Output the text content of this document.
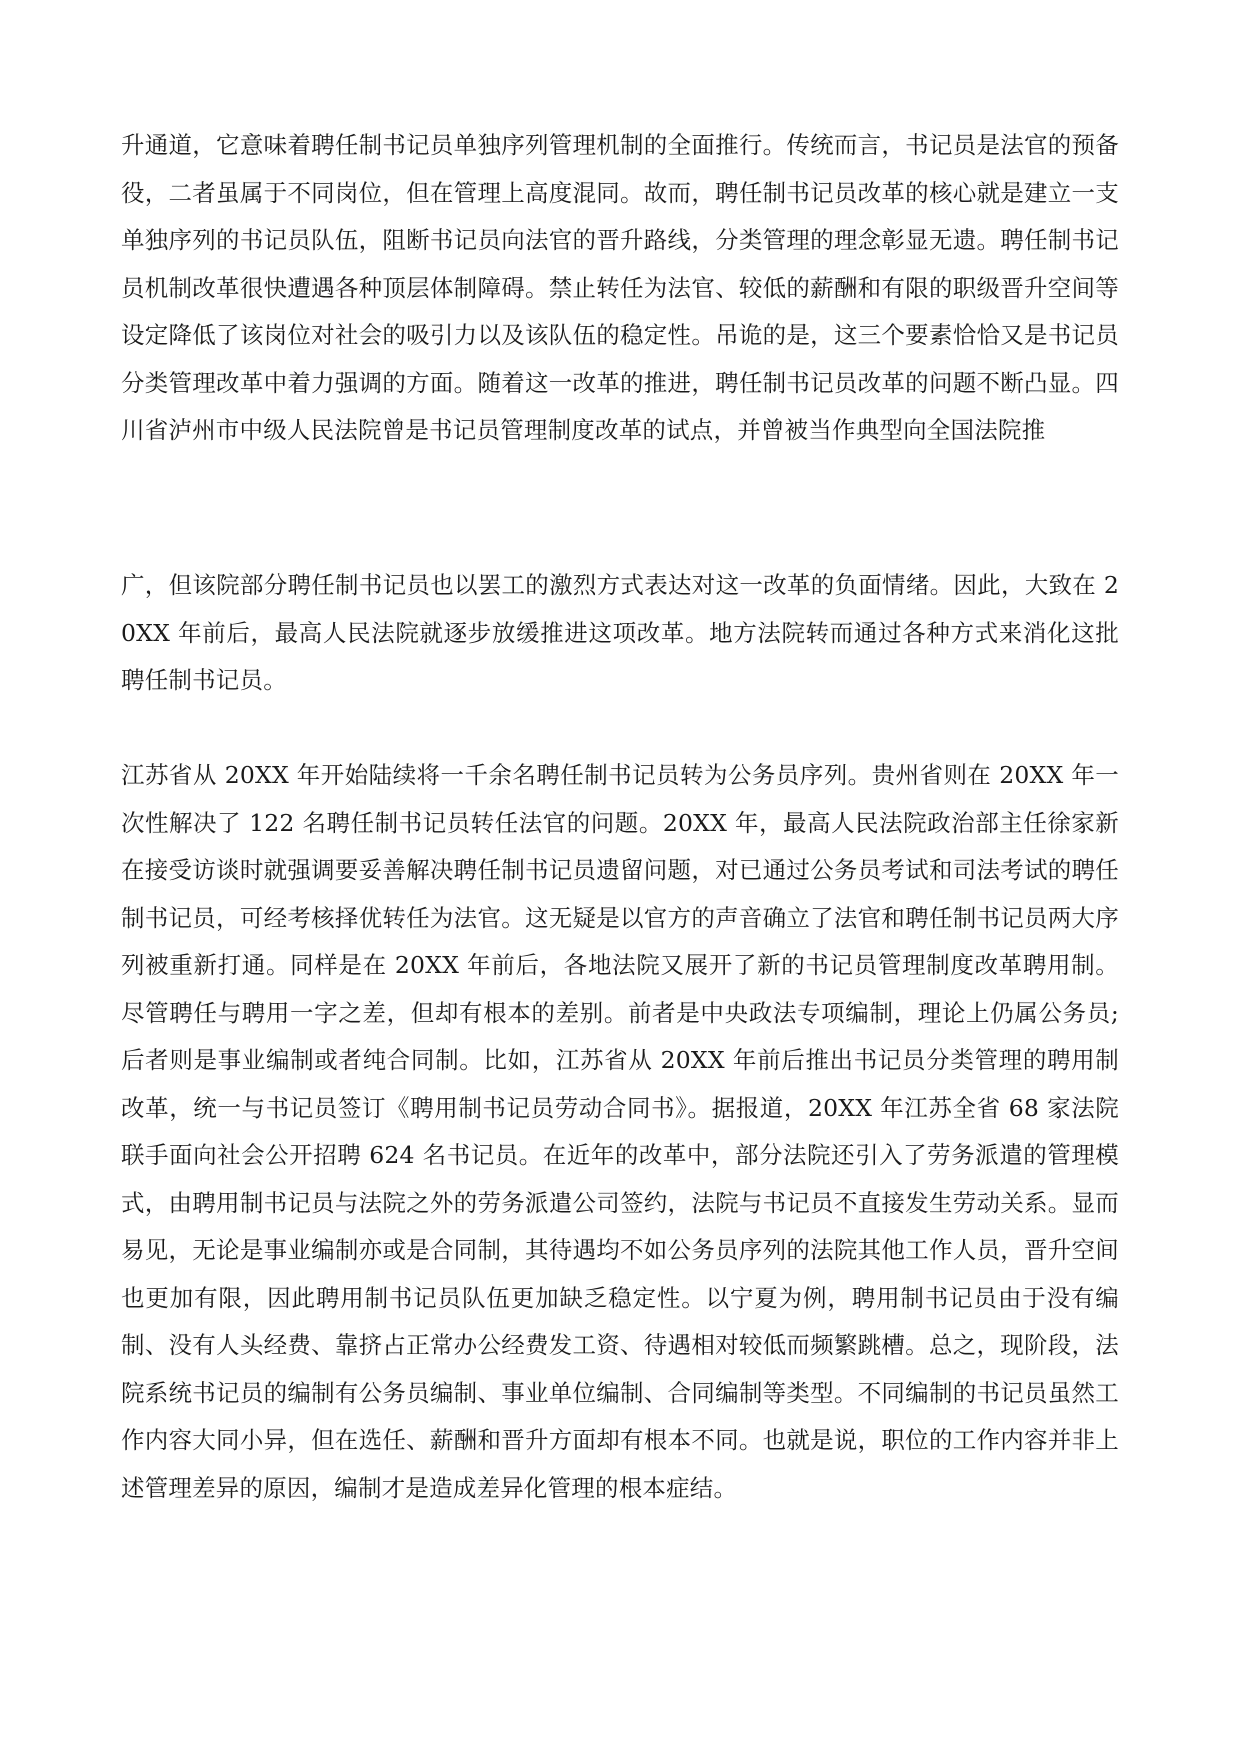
升通道，它意味着聘任制书记员单独序列管理机制的全面推行。传统而言，书记员是法官的预备役，二者虽属于不同岗位，但在管理上高度混同。故而，聘任制书记员改革的核心就是建立一支单独序列的书记员队伍，阻断书记员向法官的晋升路线，分类管理的理念彰显无遗。聘任制书记员机制改革很快遭遇各种顶层体制障碍。禁止转任为法官、较低的薪酬和有限的职级晋升空间等设定降低了该岗位对社会的吸引力以及该队伍的稳定性。吊诡的是，这三个要素恰恰又是书记员分类管理改革中着力强调的方面。随着这一改革的推进，聘任制书记员改革的问题不断凸显。四川省泸州市中级人民法院曾是书记员管理制度改革的试点，并曾被当作典型向全国法院推

广，但该院部分聘任制书记员也以罢工的激烈方式表达对这一改革的负面情绪。因此，大致在 20XX 年前后，最高人民法院就逐步放缓推进这项改革。地方法院转而通过各种方式来消化这批聘任制书记员。

江苏省从 20XX 年开始陆续将一千余名聘任制书记员转为公务员序列。贵州省则在 20XX 年一次性解决了 122 名聘任制书记员转任法官的问题。20XX 年，最高人民法院政治部主任徐家新在接受访谈时就强调要妥善解决聘任制书记员遗留问题，对已通过公务员考试和司法考试的聘任制书记员，可经考核择优转任为法官。这无疑是以官方的声音确立了法官和聘任制书记员两大序列被重新打通。同样是在 20XX 年前后，各地法院又展开了新的书记员管理制度改革聘用制。尽管聘任与聘用一字之差，但却有根本的差别。前者是中央政法专项编制，理论上仍属公务员;后者则是事业编制或者纯合同制。比如，江苏省从 20XX 年前后推出书记员分类管理的聘用制改革，统一与书记员签订《聘用制书记员劳动合同书》。据报道，20XX 年江苏全省 68 家法院联手面向社会公开招聘 624 名书记员。在近年的改革中，部分法院还引入了劳务派遣的管理模式，由聘用制书记员与法院之外的劳务派遣公司签约，法院与书记员不直接发生劳动关系。显而易见，无论是事业编制亦或是合同制，其待遇均不如公务员序列的法院其他工作人员，晋升空间也更加有限，因此聘用制书记员队伍更加缺乏稳定性。以宁夏为例，聘用制书记员由于没有编制、没有人头经费、靠挤占正常办公经费发工资、待遇相对较低而频繁跳槽。总之，现阶段，法院系统书记员的编制有公务员编制、事业单位编制、合同编制等类型。不同编制的书记员虽然工作内容大同小异，但在选任、薪酬和晋升方面却有根本不同。也就是说，职位的工作内容并非上述管理差异的原因，编制才是造成差异化管理的根本症结。
